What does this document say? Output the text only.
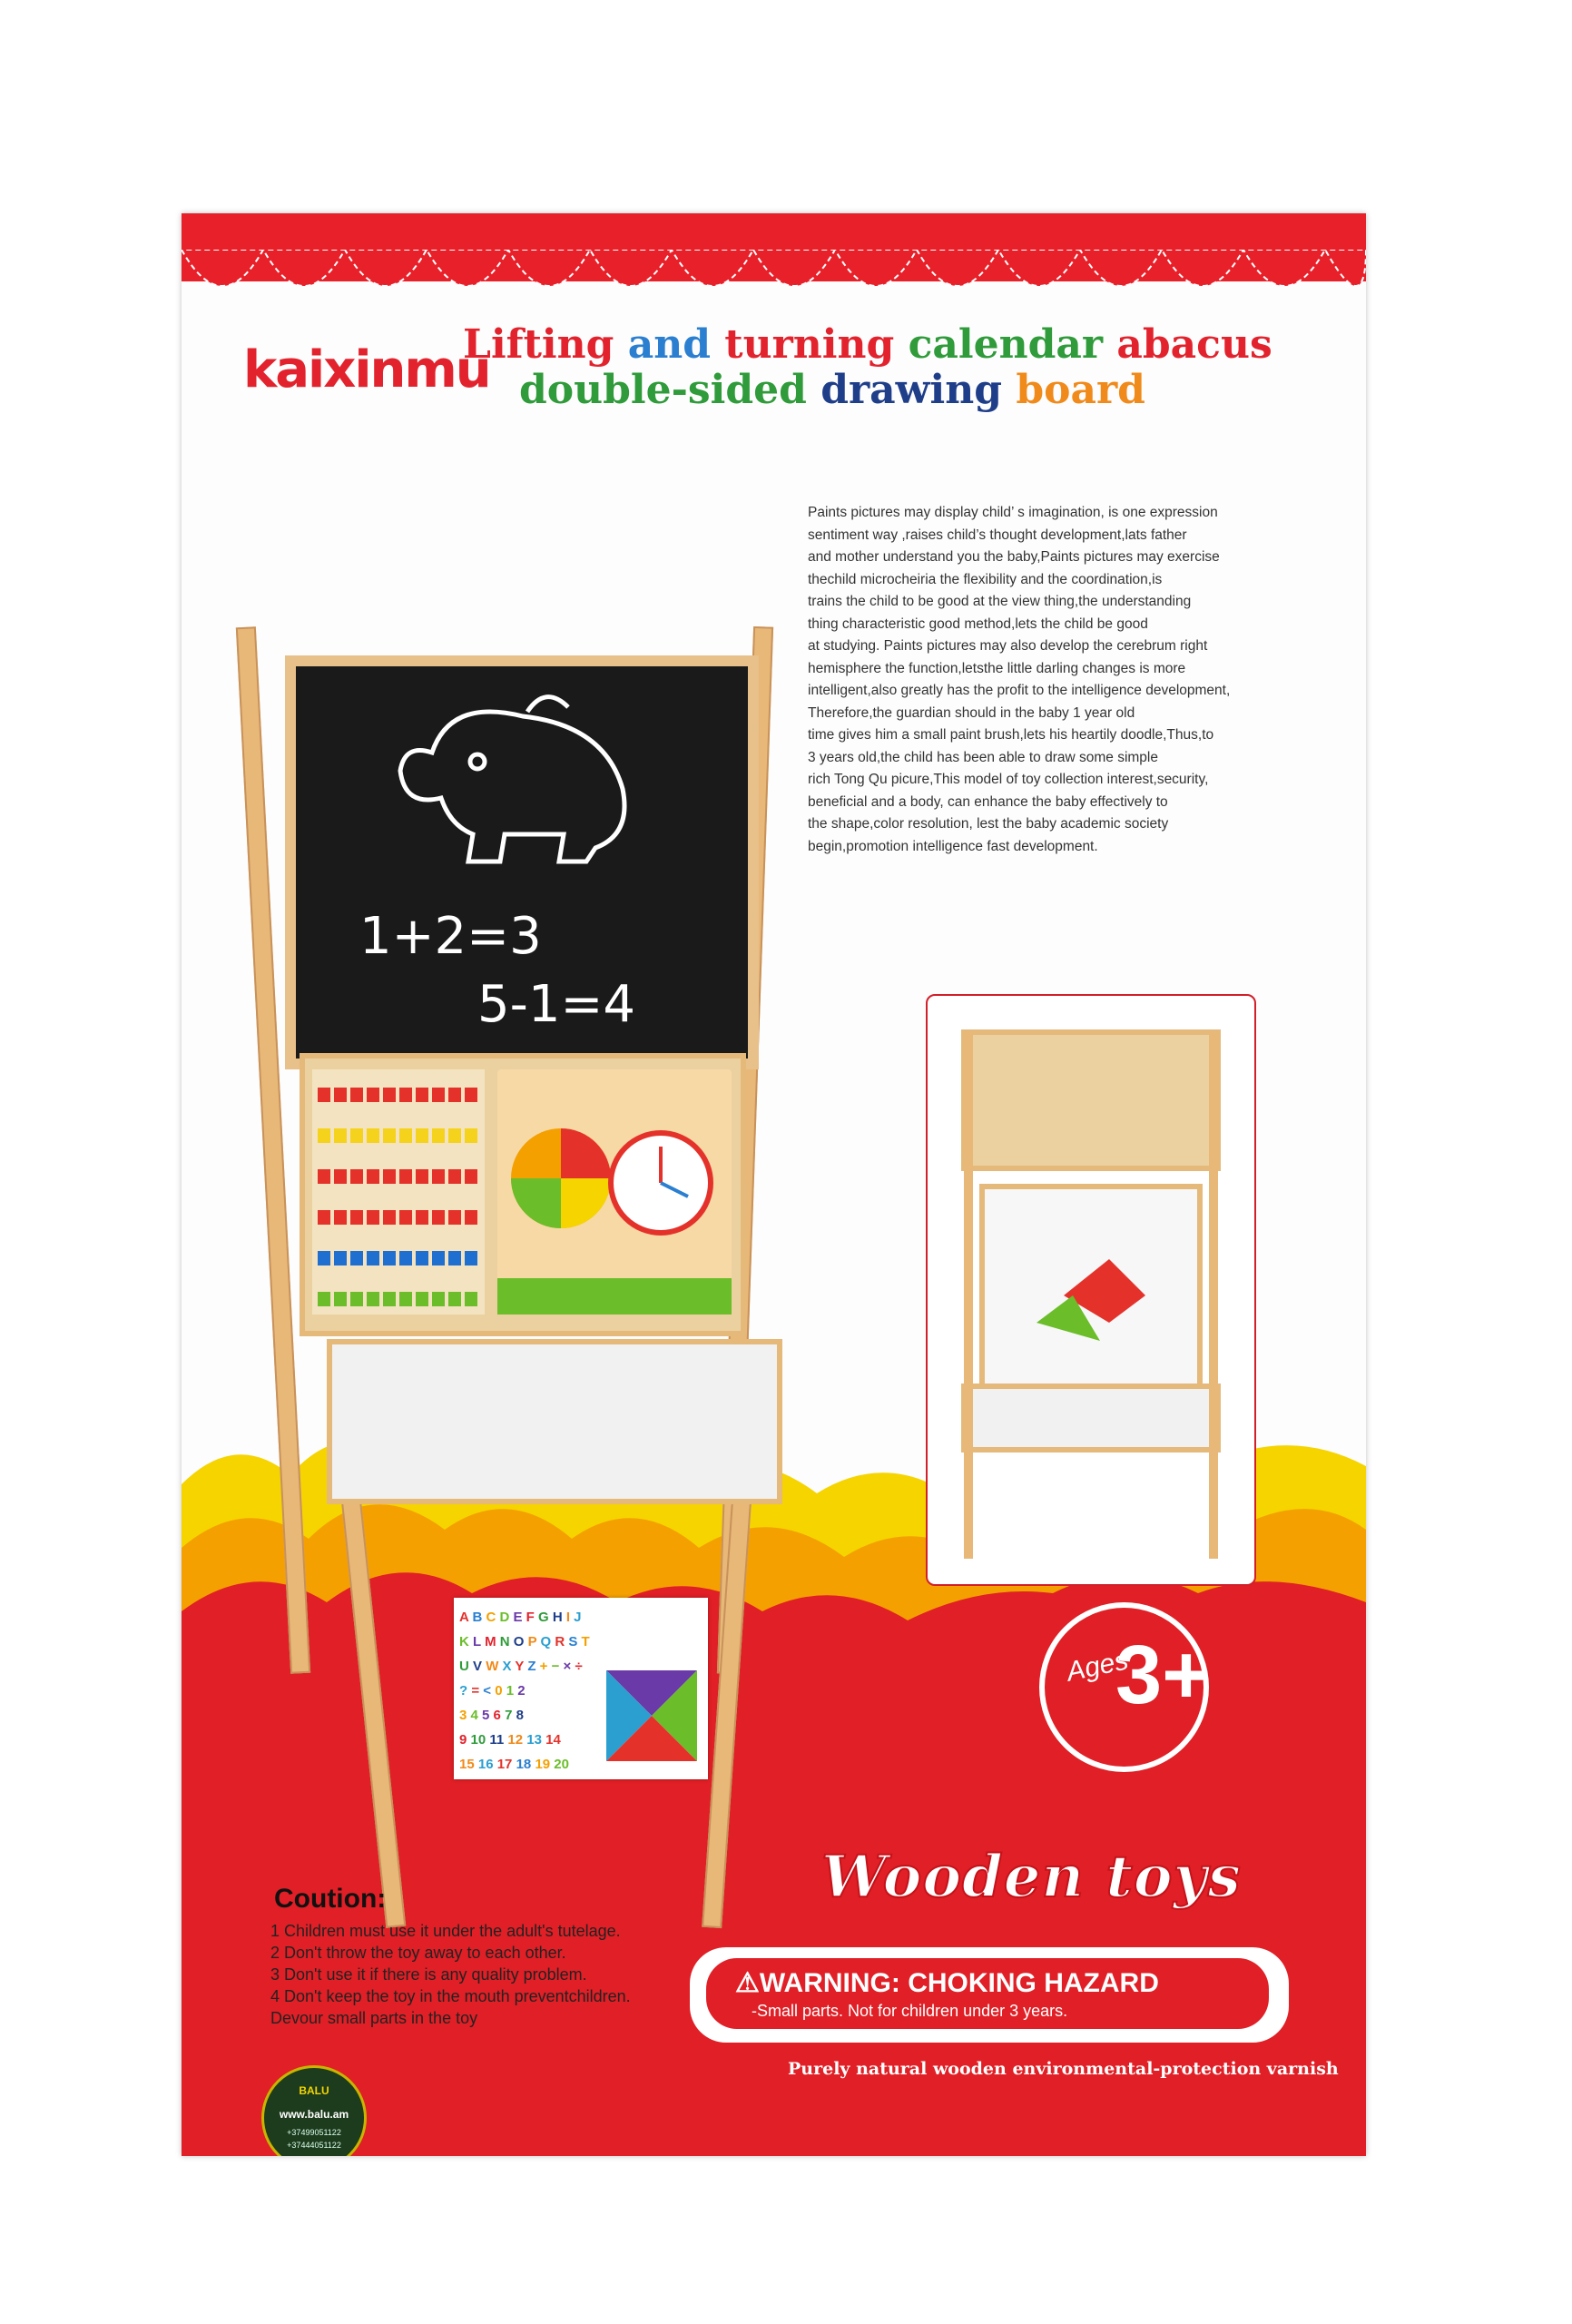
kaixinmu
Lifting and turning calendar abacus
double-sided drawing board
Paints pictures may display child’ s imagination, is one expression
sentiment way ,raises child’s thought development,lats father
and mother understand you the baby,Paints pictures may exercise
thechild microcheiria the flexibility and the coordination,is
trains the child to be good at the view thing,the understanding
thing characteristic good method,lets the child be good
at studying. Paints pictures may also develop the cerebrum right
hemisphere the function,letsthe little darling changes is more
intelligent,also greatly has the profit to the intelligence development,
Therefore,the guardian should in the baby 1 year old
time gives him a small paint brush,lets his heartily doodle,Thus,to
3 years old,the child has been able to draw some simple
rich Tong Qu picure,This model of toy collection interest,security,
beneficial and a body, can enhance the baby effectively to
the shape,color resolution, lest the baby academic society
begin,promotion intelligence fast development.
1+2=3
5-1=4
A B C D E F G H I J
K L M N O P Q R S T
U V W X Y Z + − × ÷
? = < 0 1 2
3 4 5 6 7 8
9 10 11 12 13 14
15 16 17 18 19 20
Ages
3+
Wooden toys
Coution:
1 Children must use it under the adult's tutelage.
2 Don't throw the toy away to each other.
3 Don't use it if there is any quality problem.
4 Don't keep the toy in the mouth preventchildren.
Devour small parts in the toy
⚠WARNING: CHOKING HAZARD
-Small parts. Not for children under 3 years.
Purely natural wooden environmental-protection varnish
BALU
www.balu.am
+37499051122
+37444051122
